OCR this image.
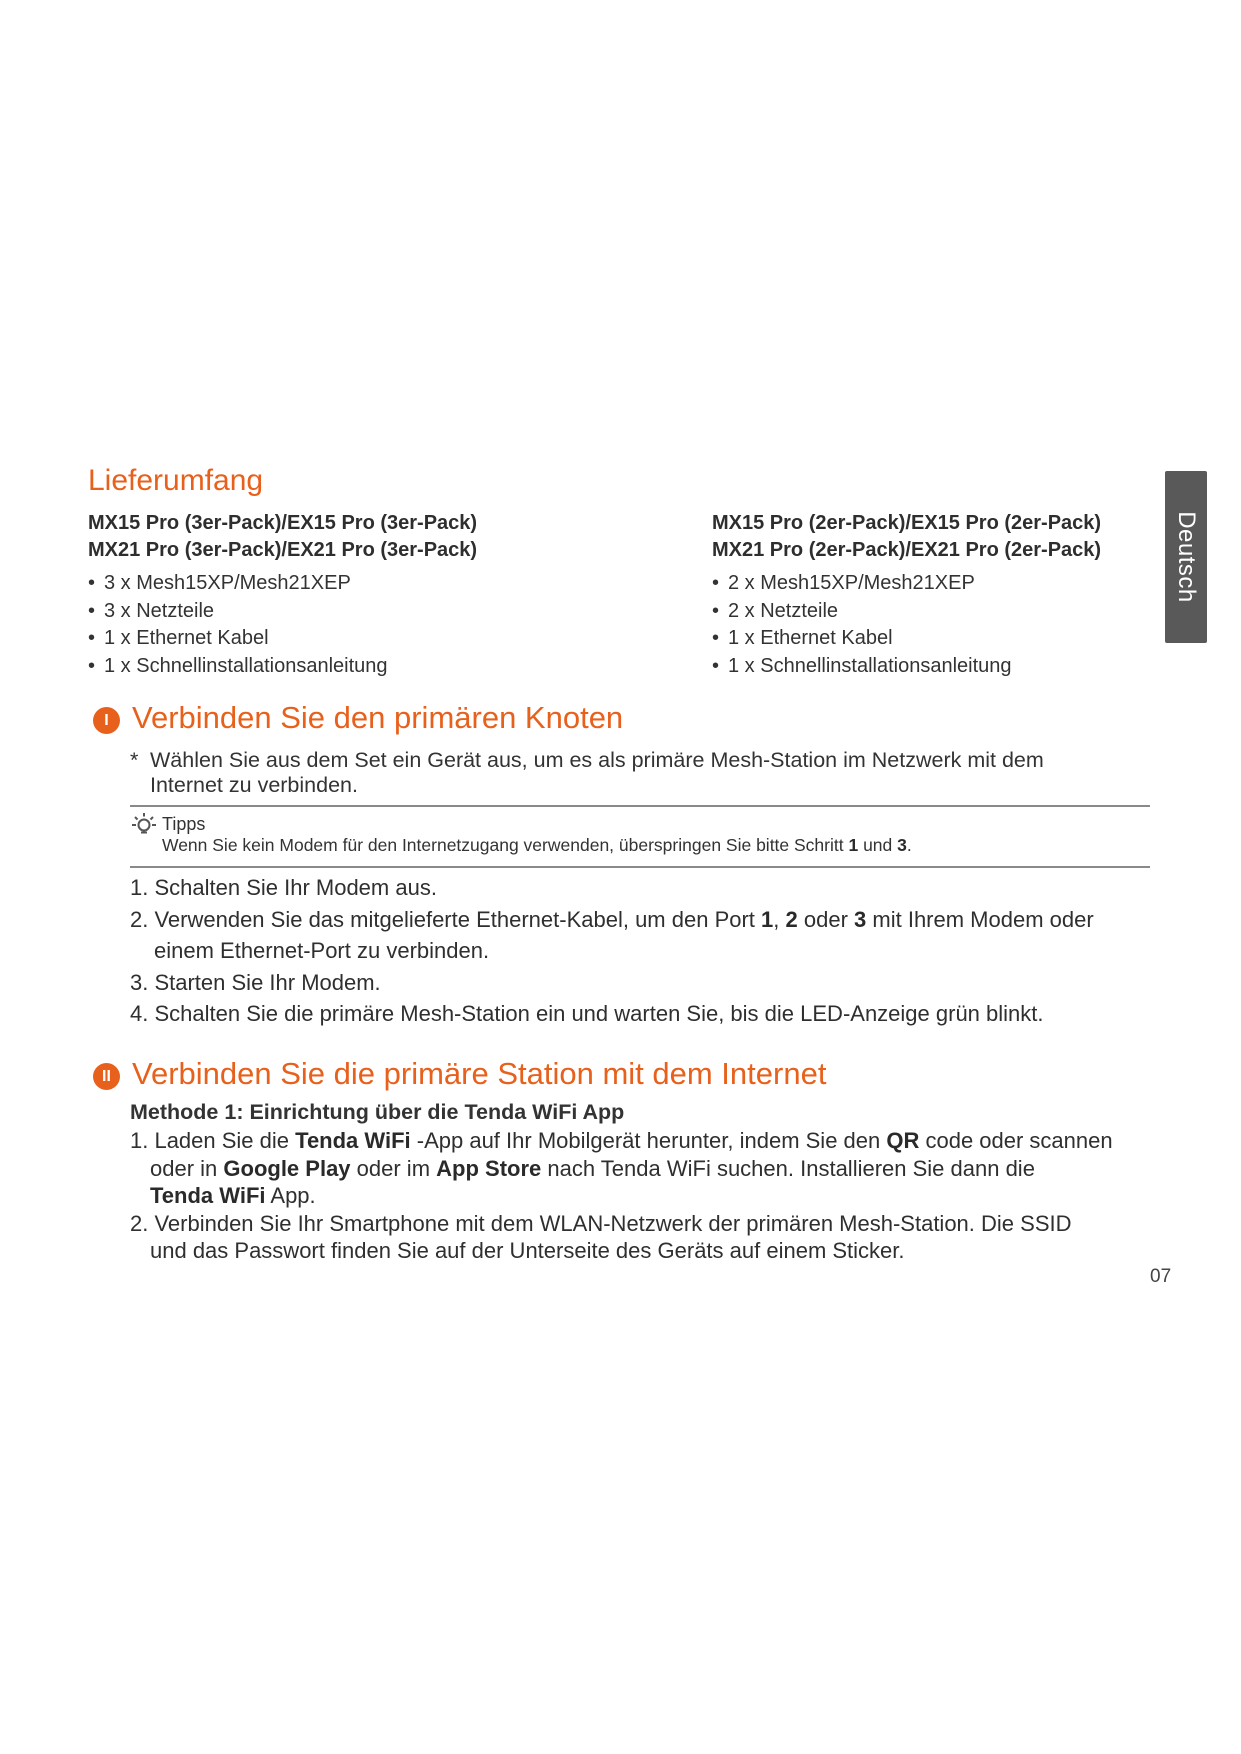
Deutsch
Lieferumfang
MX15 Pro (3er-Pack)/EX15 Pro (3er-Pack)
MX21 Pro (3er-Pack)/EX21 Pro (3er-Pack)
• 3 x Mesh15XP/Mesh21XEP
• 3 x Netzteile
• 1 x Ethernet Kabel
• 1 x Schnellinstallationsanleitung
MX15 Pro (2er-Pack)/EX15 Pro (2er-Pack)
MX21 Pro (2er-Pack)/EX21 Pro (2er-Pack)
• 2 x Mesh15XP/Mesh21XEP
• 2 x Netzteile
• 1 x Ethernet Kabel
• 1 x Schnellinstallationsanleitung
I Verbinden Sie den primären Knoten
* Wählen Sie aus dem Set ein Gerät aus, um es als primäre Mesh-Station im Netzwerk mit dem
Internet zu verbinden.
Tipps
Wenn Sie kein Modem für den Internetzugang verwenden, überspringen Sie bitte Schritt 1 und 3.
1. Schalten Sie Ihr Modem aus.
2. Verwenden Sie das mitgelieferte Ethernet-Kabel, um den Port 1, 2 oder 3 mit Ihrem Modem oder
einem Ethernet-Port zu verbinden.
3. Starten Sie Ihr Modem.
4. Schalten Sie die primäre Mesh-Station ein und warten Sie, bis die LED-Anzeige grün blinkt.
II Verbinden Sie die primäre Station mit dem Internet
Methode 1: Einrichtung über die Tenda WiFi App
1. Laden Sie die Tenda WiFi -App auf Ihr Mobilgerät herunter, indem Sie den QR code oder scannen
oder in Google Play oder im App Store nach Tenda WiFi suchen. Installieren Sie dann die
Tenda WiFi App.
2. Verbinden Sie Ihr Smartphone mit dem WLAN-Netzwerk der primären Mesh-Station. Die SSID
und das Passwort finden Sie auf der Unterseite des Geräts auf einem Sticker.
07
